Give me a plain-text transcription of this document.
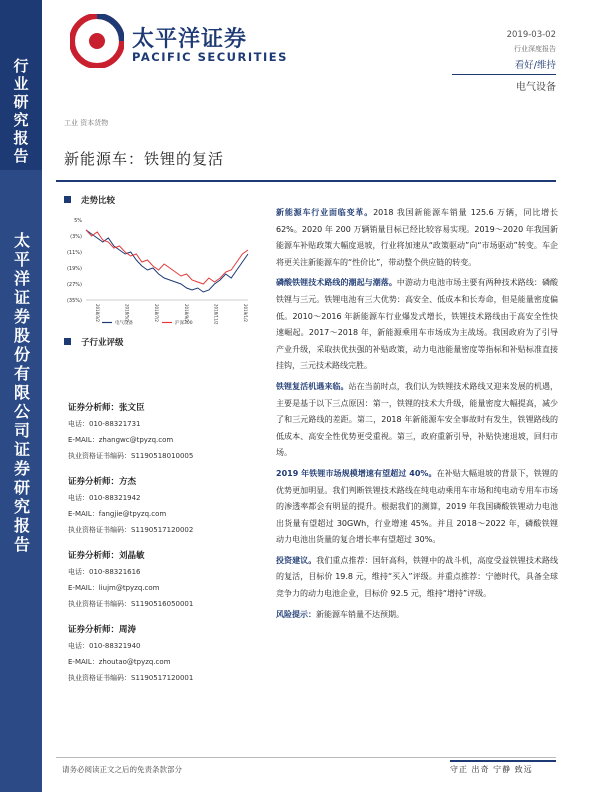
行业研究报告
太平洋证券股份有限公司证券研究报告
太平洋证券
PACIFIC SECURITIES
2019-03-02
行业深度报告
看好/维持
电气设备
工业 资本货物
新能源车：铁锂的复活
走势比较
5%
(3%)
(11%)
(19%)
(27%)
(35%)
2018/3/2	2018/5/2	2018/7/2	2018/9/2	2018/11/2	2019/1/2
电气设备	沪深300
子行业评级
证券分析师：张文臣
电话：010-88321731
E-MAIL：zhangwc@tpyzq.com
执业资格证书编码：S1190518010005
证券分析师：方杰
电话：010-88321942
E-MAIL：fangjie@tpyzq.com
执业资格证书编码：S1190517120002
证券分析师：刘晶敏
电话：010-88321616
E-MAIL：liujm@tpyzq.com
执业资格证书编码：S1190516050001
证券分析师：周涛
电话：010-88321940
E-MAIL：zhoutao@tpyzq.com
执业资格证书编码：S1190517120001

新能源车行业面临变革。2018 我国新能源车销量 125.6 万辆，同比增长 62%。2020 年 200 万辆销量目标已经比较容易实现。2019～2020 年我国新能源车补贴政策大幅度退坡，行业将加速从“政策驱动”向“市场驱动”转变。车企将更关注新能源车的“性价比”，带动整个供应链的转变。

磷酸铁锂技术路线的潮起与潮落。中游动力电池市场主要有两种技术路线：磷酸铁锂与三元。铁锂电池有三大优势：高安全、低成本和长寿命，但是能量密度偏低。2010～2016 年新能源车行业爆发式增长，铁锂技术路线由于高安全性快速崛起。2017～2018 年，新能源乘用车市场成为主战场。我国政府为了引导产业升级，采取扶优扶强的补贴政策，动力电池能量密度等指标和补贴标准直接挂钩，三元技术路线完胜。

铁锂复活机遇来临。站在当前时点，我们认为铁锂技术路线又迎来发展的机遇，主要是基于以下三点原因：第一，铁锂的技术大升级，能量密度大幅提高，减少了和三元路线的差距。第二，2018 年新能源车安全事故时有发生，铁锂路线的低成本、高安全性优势更受重视。第三，政府重新引导，补贴快速退坡，回归市场。

2019 年铁锂市场规模增速有望超过 40%。在补贴大幅退坡的背景下，铁锂的优势更加明显。我们判断铁锂技术路线在纯电动乘用车市场和纯电动专用车市场的渗透率都会有明显的提升。根据我们的测算，2019 年我国磷酸铁锂动力电池出货量有望超过 30GWh，行业增速 45%。并且 2018～2022 年，磷酸铁锂动力电池出货量的复合增长率有望超过 30%。

投资建议。我们重点推荐：国轩高科，铁锂中的战斗机，高度受益铁锂技术路线的复活，目标价 19.8 元，维持“买入”评级。并重点推荐：宁德时代，具备全球竞争力的动力电池企业，目标价 92.5 元，维持“增持”评级。

风险提示：新能源车销量不达预期。

请务必阅读正文之后的免责条款部分	守正 出奇 宁静 致远
